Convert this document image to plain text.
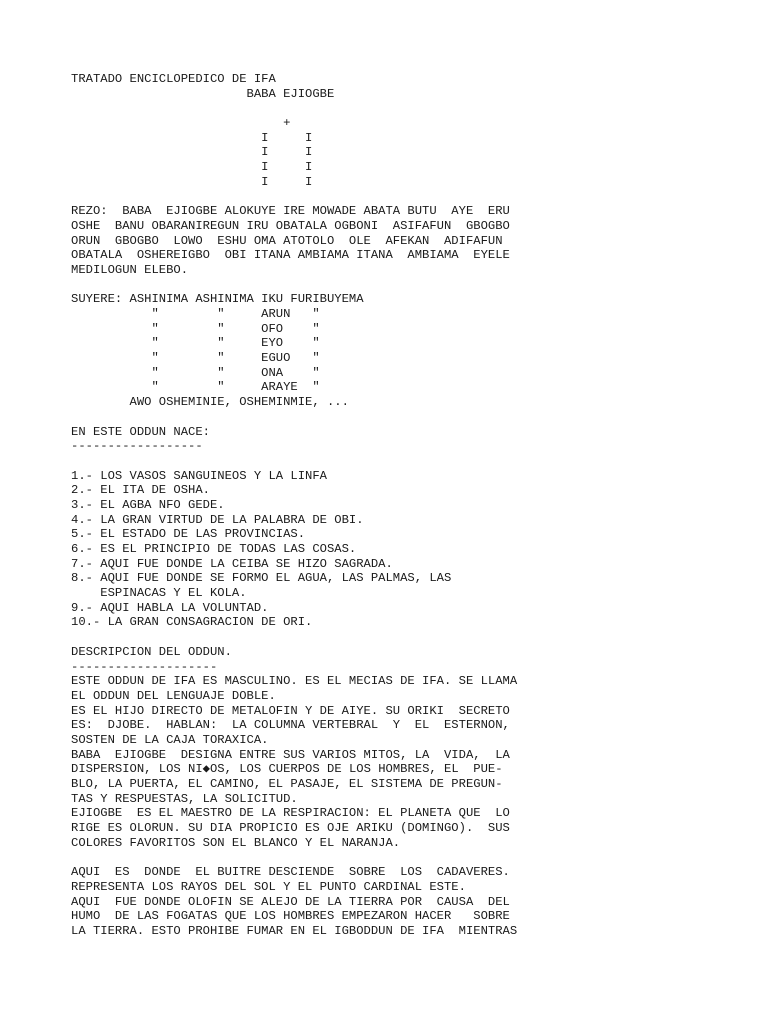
TRATADO ENCICLOPEDICO DE IFA
BABA EJIOGBE

+
I     I
I     I
I     I
I     I

REZO:  BABA  EJIOGBE ALOKUYE IRE MOWADE ABATA BUTU  AYE  ERU
OSHE  BANU OBARANIREGUN IRU OBATALA OGBONI  ASIFAFUN  GBOGBO
ORUN  GBOGBO  LOWO  ESHU OMA ATOTOLO  OLE  AFEKAN  ADIFAFUN
OBATALA  OSHEREIGBO  OBI ITANA AMBIAMA ITANA  AMBIAMA  EYELE
MEDILOGUN ELEBO.

SUYERE: ASHINIMA ASHINIMA IKU FURIBUYEMA
"        "     ARUN   "
"        "     OFO    "
"        "     EYO    "
"        "     EGUO   "
"        "     ONA    "
"        "     ARAYE  "
AWO OSHEMINIE, OSHEMINMIE, ...

EN ESTE ODDUN NACE:
------------------

1.- LOS VASOS SANGUINEOS Y LA LINFA
2.- EL ITA DE OSHA.
3.- EL AGBA NFO GEDE.
4.- LA GRAN VIRTUD DE LA PALABRA DE OBI.
5.- EL ESTADO DE LAS PROVINCIAS.
6.- ES EL PRINCIPIO DE TODAS LAS COSAS.
7.- AQUI FUE DONDE LA CEIBA SE HIZO SAGRADA.
8.- AQUI FUE DONDE SE FORMO EL AGUA, LAS PALMAS, LAS
ESPINACAS Y EL KOLA.
9.- AQUI HABLA LA VOLUNTAD.
10.- LA GRAN CONSAGRACION DE ORI.

DESCRIPCION DEL ODDUN.
--------------------
ESTE ODDUN DE IFA ES MASCULINO. ES EL MECIAS DE IFA. SE LLAMA
EL ODDUN DEL LENGUAJE DOBLE.
ES EL HIJO DIRECTO DE METALOFIN Y DE AIYE. SU ORIKI  SECRETO
ES:  DJOBE.  HABLAN:  LA COLUMNA VERTEBRAL  Y  EL  ESTERNON,
SOSTEN DE LA CAJA TORAXICA.
BABA  EJIOGBE  DESIGNA ENTRE SUS VARIOS MITOS, LA  VIDA,  LA
DISPERSION, LOS NI◆OS, LOS CUERPOS DE LOS HOMBRES, EL  PUE-
BLO, LA PUERTA, EL CAMINO, EL PASAJE, EL SISTEMA DE PREGUN-
TAS Y RESPUESTAS, LA SOLICITUD.
EJIOGBE  ES EL MAESTRO DE LA RESPIRACION: EL PLANETA QUE  LO
RIGE ES OLORUN. SU DIA PROPICIO ES OJE ARIKU (DOMINGO).  SUS
COLORES FAVORITOS SON EL BLANCO Y EL NARANJA.

AQUI  ES  DONDE  EL BUITRE DESCIENDE  SOBRE  LOS  CADAVERES.
REPRESENTA LOS RAYOS DEL SOL Y EL PUNTO CARDINAL ESTE.
AQUI  FUE DONDE OLOFIN SE ALEJO DE LA TIERRA POR  CAUSA  DEL
HUMO  DE LAS FOGATAS QUE LOS HOMBRES EMPEZARON HACER   SOBRE
LA TIERRA. ESTO PROHIBE FUMAR EN EL IGBODDUN DE IFA  MIENTRAS
